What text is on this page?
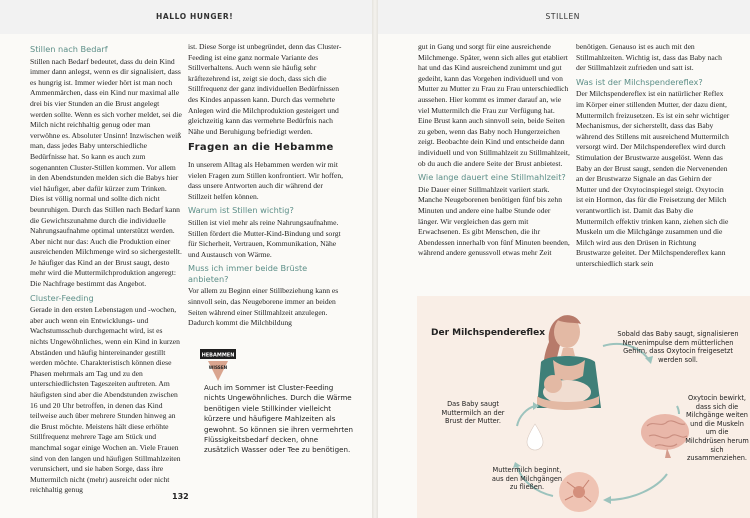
HALLO HUNGER!
Stillen nach Bedarf

Stillen nach Bedarf bedeutet, dass du dein Kind immer dann anlegst, wenn es dir signalisiert, dass es hungrig ist. Immer wieder hört ist man noch Ammenmärchen, dass ein Kind nur maximal alle drei bis vier Stunden an die Brust angelegt werden sollte. Wenn es sich vorher meldet, sei die Milch nicht reichhaltig genug oder man verwöhne es. Absoluter Unsinn! Inzwischen weiß man, dass jedes Baby unterschiedliche Bedürfnisse hat. So kann es auch zum sogenannten Cluster-Stillen kommen. Vor allem in den Abendstunden melden sich die Babys hier viel häufiger, aber dafür kürzer zum Trinken. Dies ist völlig normal und sollte dich nicht beunruhigen. Durch das Stillen nach Bedarf kann die Gewichtszunahme durch die individuelle Nahrungsaufnahme optimal unterstützt werden. Aber nicht nur das: Auch die Produktion einer ausreichenden Milchmenge wird so sichergestellt. Je häufiger das Kind an der Brust saugt, desto mehr wird die Muttermilchproduktion angeregt: Die Nachfrage bestimmt das Angebot.

Cluster-Feeding

Gerade in den ersten Lebenstagen und -wochen, aber auch wenn ein Entwicklungs- und Wachstumsschub durchgemacht wird, ist es nichts Ungewöhnliches, wenn ein Kind in kurzen Abständen und häufig hintereinander gestillt werden möchte. Charakteristisch können diese Phasen mehrmals am Tag und zu den unterschiedlichsten Tageszeiten auftreten. Am häufigsten sind aber die Abendstunden zwischen 16 und 20 Uhr betroffen, in denen das Kind teilweise auch über mehrere Stunden hinweg an die Brust möchte. Meistens hält diese erhöhte Stillfrequenz mehrere Tage am Stück und manchmal sogar einige Wochen an. Viele Frauen sind von den langen und häufigen Stillmahlzeiten verunsichert, und sie haben Sorge, dass ihre Muttermilch nicht (mehr) ausreicht oder nicht reichhaltig genug

ist. Diese Sorge ist unbegründet, denn das Cluster-Feeding ist eine ganz normale Variante des Stillverhaltens. Auch wenn sie häufig sehr kräftezehrend ist, zeigt sie doch, dass sich die Stillfrequenz der ganz individuellen Bedürfnissen des Kindes anpassen kann. Durch das vermehrte Anlegen wird die Milchproduktion gesteigert und gleichzeitig kann das vermehrte Bedürfnis nach Nähe und Beruhigung befriedigt werden.

Fragen an die Hebamme

In unserem Alltag als Hebammen werden wir mit vielen Fragen zum Stillen konfrontiert. Wir hoffen, dass unsere Antworten auch dir während der Stillzeit helfen können.

Warum ist Stillen wichtig?

Stillen ist viel mehr als reine Nahrungsaufnahme. Stillen fördert die Mutter-Kind-Bindung und sorgt für Sicherheit, Vertrauen, Kommunikation, Nähe und Austausch von Wärme.

Muss ich immer beide Brüste anbieten?

Vor allem zu Beginn einer Stillbeziehung kann es sinnvoll sein, das Neugeborene immer an beiden Seiten während einer Stillmahlzeit anzulegen. Dadurch kommt die Milchbildung

HEBAMMEN
WISSEN
Auch im Sommer ist Cluster-Feeding nichts Ungewöhnliches. Durch die Wärme benötigen viele Stillkinder vielleicht kürzere und häufigere Mahlzeiten als gewohnt. So können sie ihren vermehrten Flüssigkeitsbedarf decken, ohne zusätzlich Wasser oder Tee zu benötigen.
132
STILLEN

gut in Gang und sorgt für eine ausreichende Milchmenge. Später, wenn sich alles gut etabliert hat und das Kind ausreichend zunimmt und gut gedeiht, kann das Vorgehen individuell und von Mutter zu Mutter zu Frau zu Frau unterschiedlich aussehen. Hier kommt es immer darauf an, wie viel Muttermilch die Frau zur Verfügung hat. Eine Brust kann auch sinnvoll sein, beide Seiten zu geben, wenn das Baby noch Hungerzeichen zeigt. Beobachte dein Kind und entscheide dann individuell und von Stillmahlzeit zu Stillmahlzeit, ob du auch die andere Seite der Brust anbietest.

Wie lange dauert eine Stillmahlzeit?

Die Dauer einer Stillmahlzeit variiert stark. Manche Neugeborenen benötigen fünf bis zehn Minuten und andere eine halbe Stunde oder länger. Wir vergleichen das gern mit Erwachsenen. Es gibt Menschen, die ihr Abendessen innerhalb von fünf Minuten beenden, während andere genussvoll etwas mehr Zeit

benötigen. Genauso ist es auch mit den Stillmahlzeiten. Wichtig ist, dass das Baby nach der Stillmahlzeit zufrieden und satt ist.

Was ist der Milchspendereflex?

Der Milchspendereflex ist ein natürlicher Reflex im Körper einer stillenden Mutter, der dazu dient, Muttermilch freizusetzen. Es ist ein sehr wichtiger Mechanismus, der sicherstellt, dass das Baby während des Stillens mit ausreichend Muttermilch versorgt wird. Der Milchspendereflex wird durch Stimulation der Brustwarze ausgelöst. Wenn das Baby an der Brust saugt, senden die Nervenenden an der Brustwarze Signale an das Gehirn der Mutter und der Oxytocinspiegel steigt. Oxytocin ist ein Hormon, das für die Freisetzung der Milch verantwortlich ist. Damit das Baby die Muttermilch effektiv trinken kann, ziehen sich die Muskeln um die Milchgänge zusammen und die Milch wird aus den Drüsen in Richtung Brustwarze geleitet. Der Milchspendereflex kann unterschiedlich stark sein

Der Milchspendereflex	Sobald das Baby saugt, signalisieren Nervenimpulse dem mütterlichen Gehirn, dass Oxytocin freigesetzt werden soll.
Oxytocin bewirkt, dass sich die Milchgänge weiten und die Muskeln um die Milchdrüsen herum sich zusammenziehen.
Muttermilch beginnt, aus den Milchgängen zu fließen.
Das Baby saugt Muttermilch an der Brust der Mutter.
